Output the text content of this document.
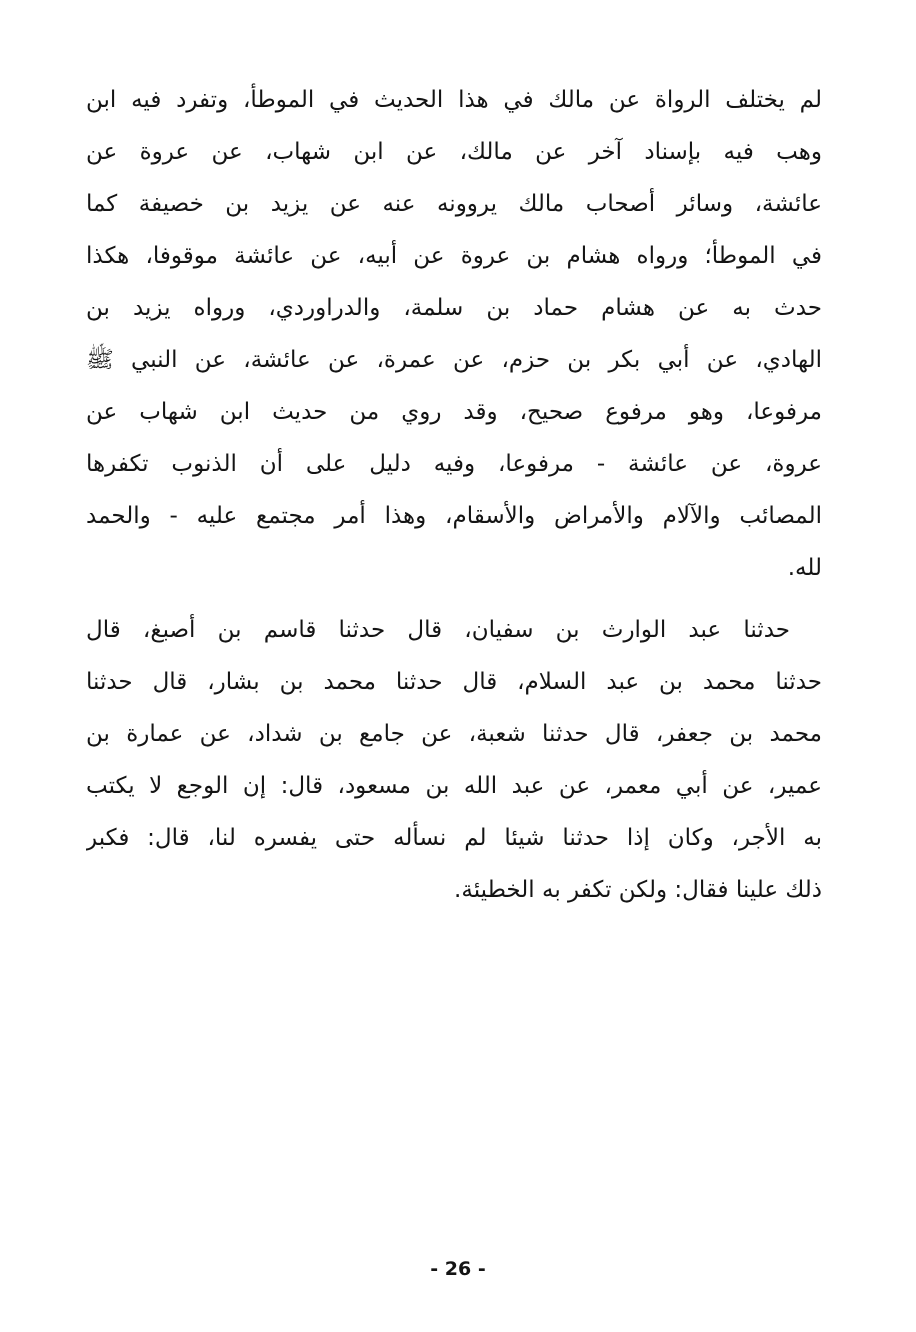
لم يختلف الرواة عن مالك في هذا الحديث في الموطأ، وتفرد فيه ابن
وهب فيه بإسناد آخر عن مالك، عن ابن شهاب، عن عروة عن
عائشة، وسائر أصحاب مالك يروونه عنه عن يزيد بن خصيفة كما
في الموطأ؛ ورواه هشام بن عروة عن أبيه، عن عائشة موقوفا، هكذا
حدث به عن هشام حماد بن سلمة، والدراوردي، ورواه يزيد بن
الهادي، عن أبي بكر بن حزم، عن عمرة، عن عائشة، عن النبي ﷺ
مرفوعا، وهو مرفوع صحيح، وقد روي من حديث ابن شهاب عن
عروة، عن عائشة - مرفوعا، وفيه دليل على أن الذنوب تكفرها
المصائب والآلام والأمراض والأسقام، وهذا أمر مجتمع عليه - والحمد
لله.
حدثنا عبد الوارث بن سفيان، قال حدثنا قاسم بن أصبغ، قال
حدثنا محمد بن عبد السلام، قال حدثنا محمد بن بشار، قال حدثنا
محمد بن جعفر، قال حدثنا شعبة، عن جامع بن شداد، عن عمارة بن
عمير، عن أبي معمر، عن عبد الله بن مسعود، قال: إن الوجع لا يكتب
به الأجر، وكان إذا حدثنا شيئا لم نسأله حتى يفسره لنا، قال: فكبر
ذلك علينا فقال: ولكن تكفر به الخطيئة.
- 26 -
